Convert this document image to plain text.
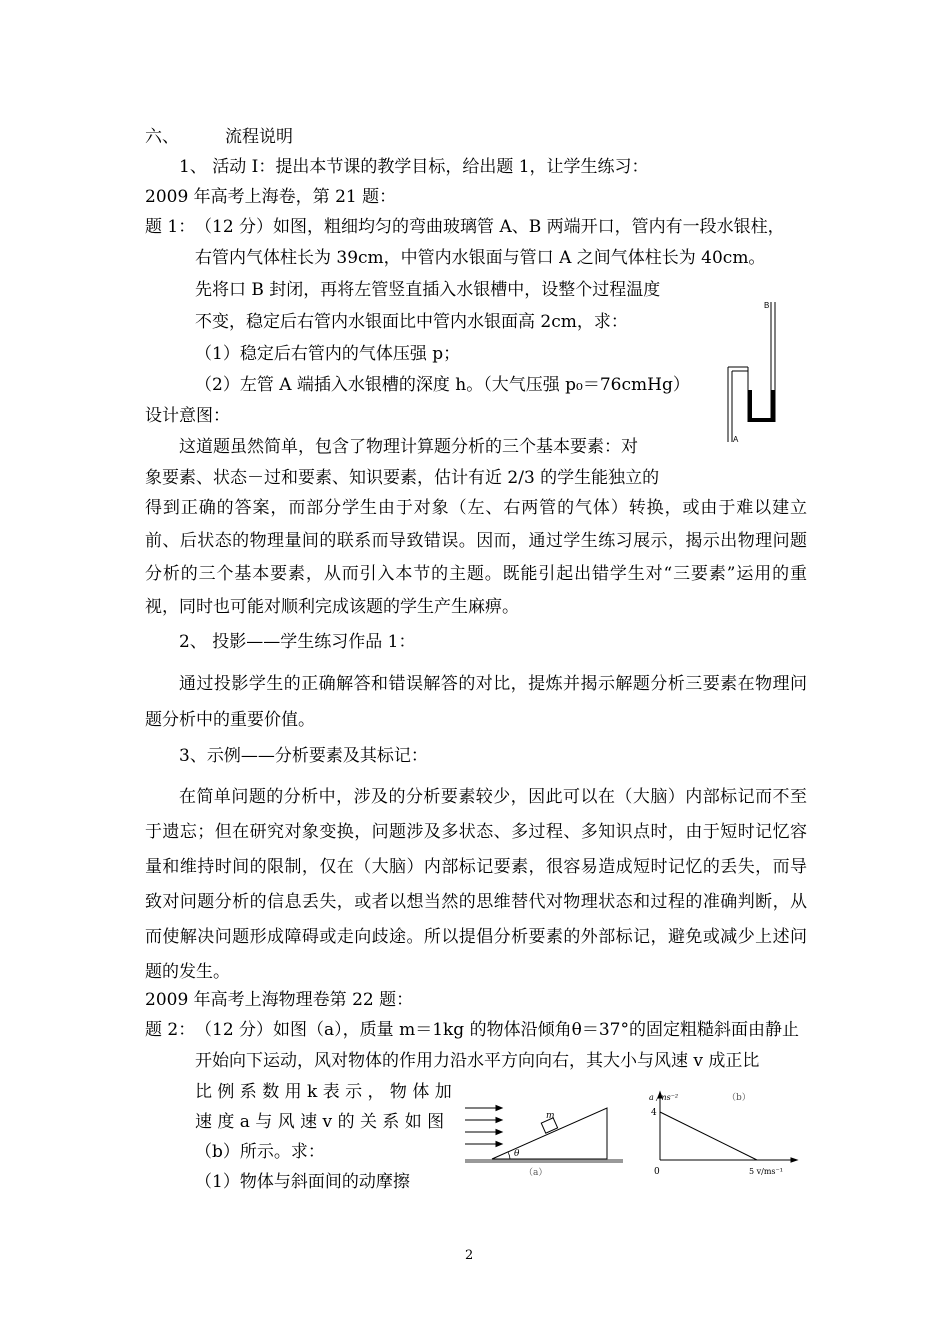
六、	流程说明
1、 活动 I：提出本节课的教学目标，给出题 1，让学生练习：
2009 年高考上海卷，第 21 题：
题 1： （12 分）如图，粗细均匀的弯曲玻璃管 A、B 两端开口，管内有一段水银柱，
右管内气体柱长为 39cm，中管内水银面与管口 A 之间气体柱长为 40cm。
先将口 B 封闭，再将左管竖直插入水银槽中，设整个过程温度
不变，稳定后右管内水银面比中管内水银面高 2cm，求：
（1）稳定后右管内的气体压强 p；
（2）左管 A 端插入水银槽的深度 h。（大气压强 p₀＝76cmHg）
B
A
设计意图：
这道题虽然简单，包含了物理计算题分析的三个基本要素：对
象要素、状态－过和要素、知识要素，估计有近 2/3 的学生能独立的
得到正确的答案，而部分学生由于对象（左、右两管的气体）转换，或由于难以建立前、后状态的物理量间的联系而导致错误。因而，通过学生练习展示，揭示出物理问题分析的三个基本要素，从而引入本节的主题。既能引起出错学生对“三要素”运用的重视，同时也可能对顺利完成该题的学生产生麻痹。
2、 投影——学生练习作品 1：
通过投影学生的正确解答和错误解答的对比，提炼并揭示解题分析三要素在物理问题分析中的重要价值。
3、示例——分析要素及其标记：
在简单问题的分析中，涉及的分析要素较少，因此可以在（大脑）内部标记而不至于遗忘；但在研究对象变换，问题涉及多状态、多过程、多知识点时，由于短时记忆容量和维持时间的限制，仅在（大脑）内部标记要素，很容易造成短时记忆的丢失，而导致对问题分析的信息丢失，或者以想当然的思维替代对物理状态和过程的准确判断，从而使解决问题形成障碍或走向歧途。所以提倡分析要素的外部标记，避免或减少上述问题的发生。
2009 年高考上海物理卷第 22 题：
题 2： （12 分）如图（a），质量 m＝1kg 的物体沿倾角θ＝37°的固定粗糙斜面由静止
开始向下运动，风对物体的作用力沿水平方向向右，其大小与风速 v 成正比
比 例 系 数 用 k 表 示 ， 物 体 加
速 度 a 与 风 速 v 的 关 系 如 图
（b）所示。求：
（1）物体与斜面间的动摩擦
m
θ
（a）
a /ms⁻²	（b）
4
0	5 v/ms⁻¹
2
